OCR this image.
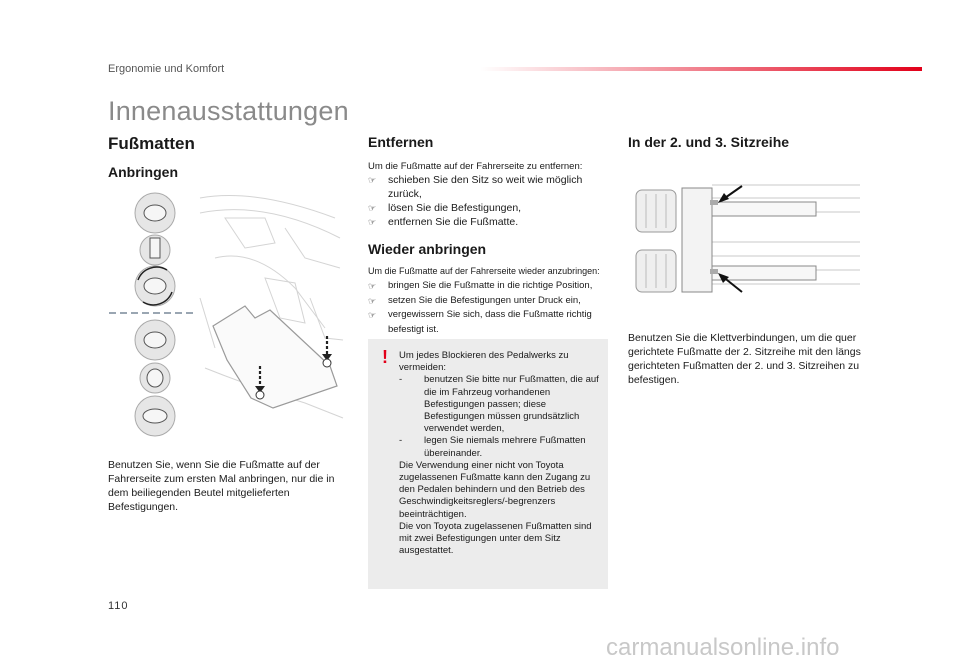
Ergonomie und Komfort
Innenausstattungen
Fußmatten
Anbringen
Benutzen Sie, wenn Sie die Fußmatte auf der Fahrerseite zum ersten Mal anbringen, nur die in dem beiliegenden Beutel mitgelieferten Befestigungen.
Entfernen
Um die Fußmatte auf der Fahrerseite zu entfernen:
☞ schieben Sie den Sitz so weit wie möglich zurück,
☞ lösen Sie die Befestigungen,
☞ entfernen Sie die Fußmatte.
Wieder anbringen
Um die Fußmatte auf der Fahrerseite wieder anzubringen:
☞ bringen Sie die Fußmatte in die richtige Position,
☞ setzen Sie die Befestigungen unter Druck ein,
☞ vergewissern Sie sich, dass die Fußmatte richtig befestigt ist.
! Um jedes Blockieren des Pedalwerks zu vermeiden:
- benutzen Sie bitte nur Fußmatten, die auf die im Fahrzeug vorhandenen Befestigungen passen; diese Befestigungen müssen grundsätzlich verwendet werden,
- legen Sie niemals mehrere Fußmatten übereinander.
Die Verwendung einer nicht von Toyota zugelassenen Fußmatte kann den Zugang zu den Pedalen behindern und den Betrieb des Geschwindigkeitsreglers/-begrenzers beeinträchtigen.
Die von Toyota zugelassenen Fußmatten sind mit zwei Befestigungen unter dem Sitz ausgestattet.
In der 2. und 3. Sitzreihe
Benutzen Sie die Klettverbindungen, um die quer gerichtete Fußmatte der 2. Sitzreihe mit den längs gerichteten Fußmatten der 2. und 3. Sitzreihen zu befestigen.
110
carmanualsonline.info
